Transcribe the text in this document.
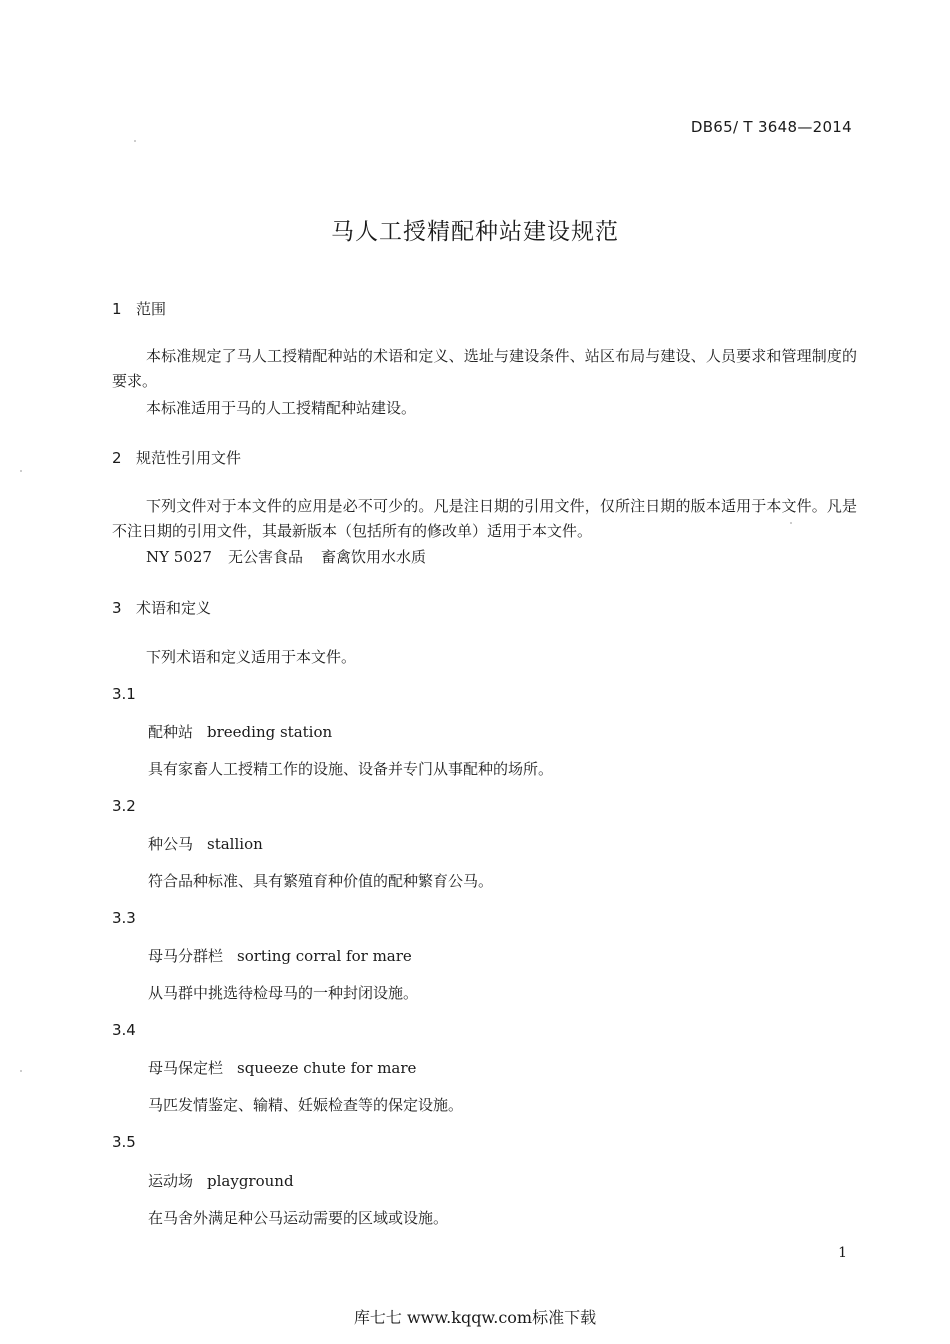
DB65/ T 3648—2014
马人工授精配种站建设规范
1 范围
本标准规定了马人工授精配种站的术语和定义、选址与建设条件、站区布局与建设、人员要求和管理制度的要求。
本标准适用于马的人工授精配种站建设。
2 规范性引用文件
下列文件对于本文件的应用是必不可少的。凡是注日期的引用文件，仅所注日期的版本适用于本文件。凡是不注日期的引用文件，其最新版本（包括所有的修改单）适用于本文件。
NY 5027 无公害食品 畜禽饮用水水质
3 术语和定义
下列术语和定义适用于本文件。
3.1
配种站 breeding station
具有家畜人工授精工作的设施、设备并专门从事配种的场所。
3.2
种公马 stallion
符合品种标准、具有繁殖育种价值的配种繁育公马。
3.3
母马分群栏 sorting corral for mare
从马群中挑选待检母马的一种封闭设施。
3.4
母马保定栏 squeeze chute for mare
马匹发情鉴定、输精、妊娠检查等的保定设施。
3.5
运动场 playground
在马舍外满足种公马运动需要的区域或设施。
1
库七七 www.kqqw.com标准下载
